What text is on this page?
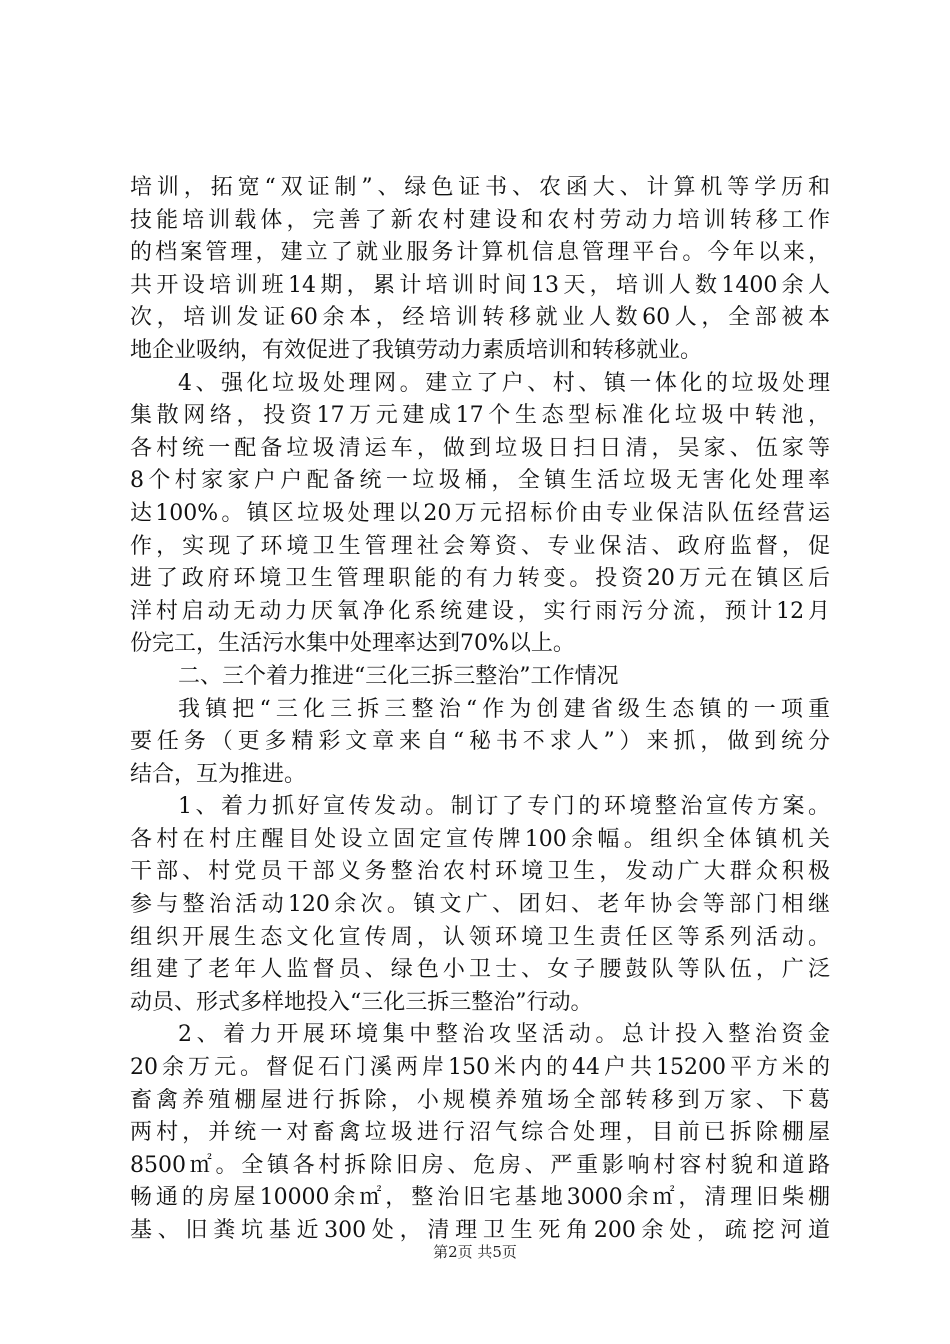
培训，拓宽“双证制”、绿色证书、农函大、计算机等学历和
技能培训载体，完善了新农村建设和农村劳动力培训转移工作
的档案管理，建立了就业服务计算机信息管理平台。今年以来，
共开设培训班14期，累计培训时间13天，培训人数1400余人
次，培训发证60余本，经培训转移就业人数60人，全部被本
地企业吸纳，有效促进了我镇劳动力素质培训和转移就业。
4、强化垃圾处理网。建立了户、村、镇一体化的垃圾处理
集散网络，投资17万元建成17个生态型标准化垃圾中转池，
各村统一配备垃圾清运车，做到垃圾日扫日清，吴家、伍家等
8个村家家户户配备统一垃圾桶，全镇生活垃圾无害化处理率
达100%。镇区垃圾处理以20万元招标价由专业保洁队伍经营运
作，实现了环境卫生管理社会筹资、专业保洁、政府监督，促
进了政府环境卫生管理职能的有力转变。投资20万元在镇区后
洋村启动无动力厌氧净化系统建设，实行雨污分流，预计12月
份完工，生活污水集中处理率达到70%以上。
二、三个着力推进“三化三拆三整治”工作情况
我镇把“三化三拆三整治“作为创建省级生态镇的一项重
要任务（更多精彩文章来自“秘书不求人”）来抓，做到统分
结合，互为推进。
1、着力抓好宣传发动。制订了专门的环境整治宣传方案。
各村在村庄醒目处设立固定宣传牌100余幅。组织全体镇机关
干部、村党员干部义务整治农村环境卫生，发动广大群众积极
参与整治活动120余次。镇文广、团妇、老年协会等部门相继
组织开展生态文化宣传周，认领环境卫生责任区等系列活动。
组建了老年人监督员、绿色小卫士、女子腰鼓队等队伍，广泛
动员、形式多样地投入“三化三拆三整治”行动。
2、着力开展环境集中整治攻坚活动。总计投入整治资金
20余万元。督促石门溪两岸150米内的44户共15200平方米的
畜禽养殖棚屋进行拆除，小规模养殖场全部转移到万家、下葛
两村，并统一对畜禽垃圾进行沼气综合处理，目前已拆除棚屋
8500㎡。全镇各村拆除旧房、危房、严重影响村容村貌和道路
畅通的房屋10000余㎡，整治旧宅基地3000余㎡，清理旧柴棚
基、旧粪坑基近300处，清理卫生死角200余处，疏挖河道
第2页 共5页
